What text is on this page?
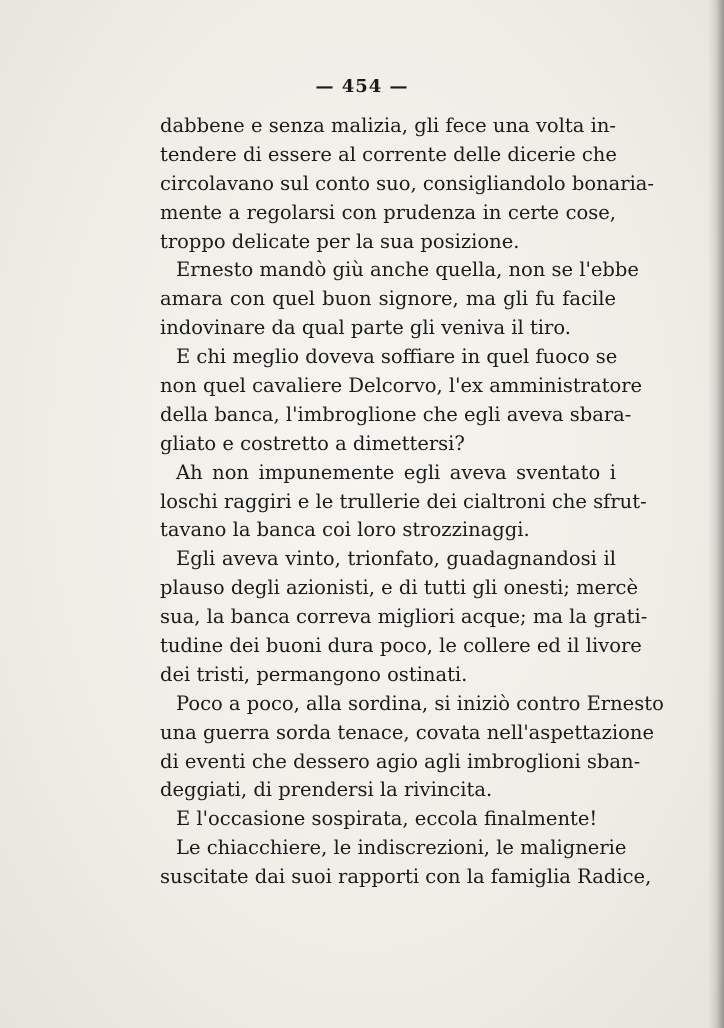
— 454 —
dabbene e senza malizia, gli fece una volta in-
tendere di essere al corrente delle dicerie che
circolavano sul conto suo, consigliandolo bonaria-
mente a regolarsi con prudenza in certe cose,
troppo delicate per la sua posizione.
Ernesto mandò giù anche quella, non se l'ebbe
amara con quel buon signore, ma gli fu facile
indovinare da qual parte gli veniva il tiro.
E chi meglio doveva soffiare in quel fuoco se
non quel cavaliere Delcorvo, l'ex amministratore
della banca, l'imbroglione che egli aveva sbara-
gliato e costretto a dimettersi?
Ah non impunemente egli aveva sventato i
loschi raggiri e le trullerie dei cialtroni che sfrut-
tavano la banca coi loro strozzinaggi.
Egli aveva vinto, trionfato, guadagnandosi il
plauso degli azionisti, e di tutti gli onesti; mercè
sua, la banca correva migliori acque; ma la grati-
tudine dei buoni dura poco, le collere ed il livore
dei tristi, permangono ostinati.
Poco a poco, alla sordina, si iniziò contro Ernesto
una guerra sorda tenace, covata nell'aspettazione
di eventi che dessero agio agli imbroglioni sban-
deggiati, di prendersi la rivincita.
E l'occasione sospirata, eccola finalmente!
Le chiacchiere, le indiscrezioni, le malignerie
suscitate dai suoi rapporti con la famiglia Radice,
